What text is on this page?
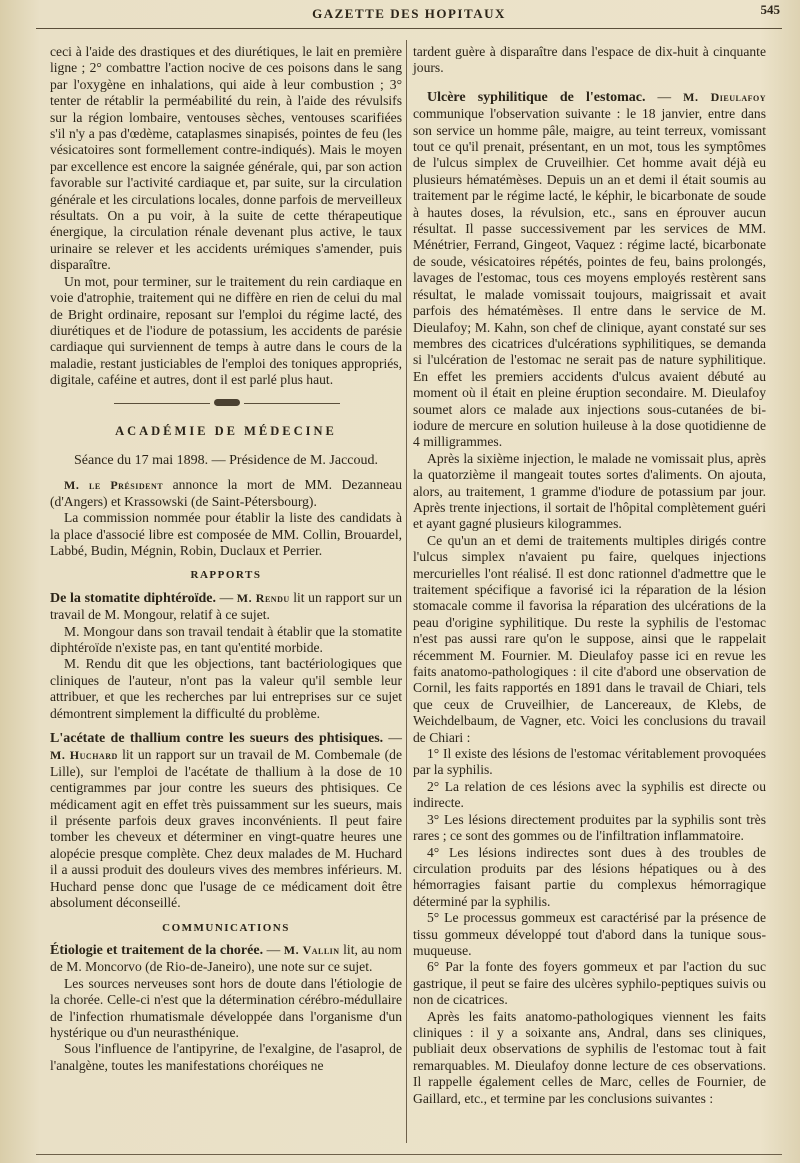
GAZETTE DES HOPITAUX	545

ceci à l'aide des drastiques et des diurétiques, le lait en première ligne ; 2° combattre l'action nocive de ces poisons dans le sang par l'oxygène en inhalations, qui aide à leur combustion ; 3° tenter de rétablir la perméabilité du rein, à l'aide des révulsifs sur la région lombaire, ventouses sèches, ventouses scarifiées s'il n'y a pas d'œdème, cataplasmes sinapisés, pointes de feu (les vésicatoires sont formellement contre-indiqués). Mais le moyen par excellence est encore la saignée générale, qui, par son action favorable sur l'activité cardiaque et, par suite, sur la circulation générale et les circulations locales, donne parfois de merveilleux résultats. On a pu voir, à la suite de cette thérapeutique énergique, la circulation rénale devenant plus active, le taux urinaire se relever et les accidents urémiques s'amender, puis disparaître.

Un mot, pour terminer, sur le traitement du rein cardiaque en voie d'atrophie, traitement qui ne diffère en rien de celui du mal de Bright ordinaire, reposant sur l'emploi du régime lacté, des diurétiques et de l'iodure de potassium, les accidents de parésie cardiaque qui surviennent de temps à autre dans le cours de la maladie, restant justiciables de l'emploi des toniques appropriés, digitale, caféine et autres, dont il est parlé plus haut.

ACADÉMIE DE MÉDECINE
Séance du 17 mai 1898. — Présidence de M. Jaccoud.

M. le Président annonce la mort de MM. Dezanneau (d'Angers) et Krassowski (de Saint-Pétersbourg).

La commission nommée pour établir la liste des candidats à la place d'associé libre est composée de MM. Collin, Brouardel, Labbé, Budin, Mégnin, Robin, Duclaux et Perrier.

RAPPORTS

De la stomatite diphtéroïde. — M. Rendu lit un rapport sur un travail de M. Mongour, relatif à ce sujet.

M. Mongour dans son travail tendait à établir que la stomatite diphtéroïde n'existe pas, en tant qu'entité morbide.

M. Rendu dit que les objections, tant bactériologiques que cliniques de l'auteur, n'ont pas la valeur qu'il semble leur attribuer, et que les recherches par lui entreprises sur ce sujet démontrent simplement la difficulté du problème.

L'acétate de thallium contre les sueurs des phtisiques. — M. Huchard lit un rapport sur un travail de M. Combemale (de Lille), sur l'emploi de l'acétate de thallium à la dose de 10 centigrammes par jour contre les sueurs des phtisiques. Ce médicament agit en effet très puissamment sur les sueurs, mais il présente parfois deux graves inconvénients. Il peut faire tomber les cheveux et déterminer en vingt-quatre heures une alopécie presque complète. Chez deux malades de M. Huchard il a aussi produit des douleurs vives des membres inférieurs. M. Huchard pense donc que l'usage de ce médicament doit être absolument déconseillé.

COMMUNICATIONS

Étiologie et traitement de la chorée. — M. Vallin lit, au nom de M. Moncorvo (de Rio-de-Janeiro), une note sur ce sujet.

Les sources nerveuses sont hors de doute dans l'étiologie de la chorée. Celle-ci n'est que la détermination cérébro-médullaire de l'infection rhumatismale développée dans l'organisme d'un hystérique ou d'un neurasthénique.

Sous l'influence de l'antipyrine, de l'exalgine, de l'asaprol, de l'analgène, toutes les manifestations choréiques ne

tardent guère à disparaître dans l'espace de dix-huit à cinquante jours.

Ulcère syphilitique de l'estomac. — M. Dieulafoy communique l'observation suivante : le 18 janvier, entre dans son service un homme pâle, maigre, au teint terreux, vomissant tout ce qu'il prenait, présentant, en un mot, tous les symptômes de l'ulcus simplex de Cruveilhier. Cet homme avait déjà eu plusieurs hématémèses. Depuis un an et demi il était soumis au traitement par le régime lacté, le képhir, le bicarbonate de soude à hautes doses, la révulsion, etc., sans en éprouver aucun résultat. Il passe successivement par les services de MM. Ménétrier, Ferrand, Gingeot, Vaquez : régime lacté, bicarbonate de soude, vésicatoires répétés, pointes de feu, bains prolongés, lavages de l'estomac, tous ces moyens employés restèrent sans résultat, le malade vomissait toujours, maigrissait et avait parfois des hématémèses. Il entre dans le service de M. Dieulafoy; M. Kahn, son chef de clinique, ayant constaté sur ses membres des cicatrices d'ulcérations syphilitiques, se demanda si l'ulcération de l'estomac ne serait pas de nature syphilitique. En effet les premiers accidents d'ulcus avaient débuté au moment où il était en pleine éruption secondaire. M. Dieulafoy soumet alors ce malade aux injections sous-cutanées de bi-iodure de mercure en solution huileuse à la dose quotidienne de 4 milligrammes.

Après la sixième injection, le malade ne vomissait plus, après la quatorzième il mangeait toutes sortes d'aliments. On ajouta, alors, au traitement, 1 gramme d'iodure de potassium par jour. Après trente injections, il sortait de l'hôpital complètement guéri et ayant gagné plusieurs kilogrammes.

Ce qu'un an et demi de traitements multiples dirigés contre l'ulcus simplex n'avaient pu faire, quelques injections mercurielles l'ont réalisé. Il est donc rationnel d'admettre que le traitement spécifique a favorisé ici la réparation de la lésion stomacale comme il favorisa la réparation des ulcérations de la peau d'origine syphilitique. Du reste la syphilis de l'estomac n'est pas aussi rare qu'on le suppose, ainsi que le rappelait récemment M. Fournier. M. Dieulafoy passe ici en revue les faits anatomo-pathologiques : il cite d'abord une observation de Cornil, les faits rapportés en 1891 dans le travail de Chiari, tels que ceux de Cruveilhier, de Lancereaux, de Klebs, de Weichdelbaum, de Vagner, etc. Voici les conclusions du travail de Chiari :

1° Il existe des lésions de l'estomac véritablement provoquées par la syphilis.

2° La relation de ces lésions avec la syphilis est directe ou indirecte.

3° Les lésions directement produites par la syphilis sont très rares ; ce sont des gommes ou de l'infiltration inflammatoire.

4° Les lésions indirectes sont dues à des troubles de circulation produits par des lésions hépatiques ou à des hémorragies faisant partie du complexus hémorragique déterminé par la syphilis.

5° Le processus gommeux est caractérisé par la présence de tissu gommeux développé tout d'abord dans la tunique sous-muqueuse.

6° Par la fonte des foyers gommeux et par l'action du suc gastrique, il peut se faire des ulcères syphilo-peptiques suivis ou non de cicatrices.

Après les faits anatomo-pathologiques viennent les faits cliniques : il y a soixante ans, Andral, dans ses cliniques, publiait deux observations de syphilis de l'estomac tout à fait remarquables. M. Dieulafoy donne lecture de ces observations. Il rappelle également celles de Marc, celles de Fournier, de Gaillard, etc., et termine par les conclusions suivantes :
